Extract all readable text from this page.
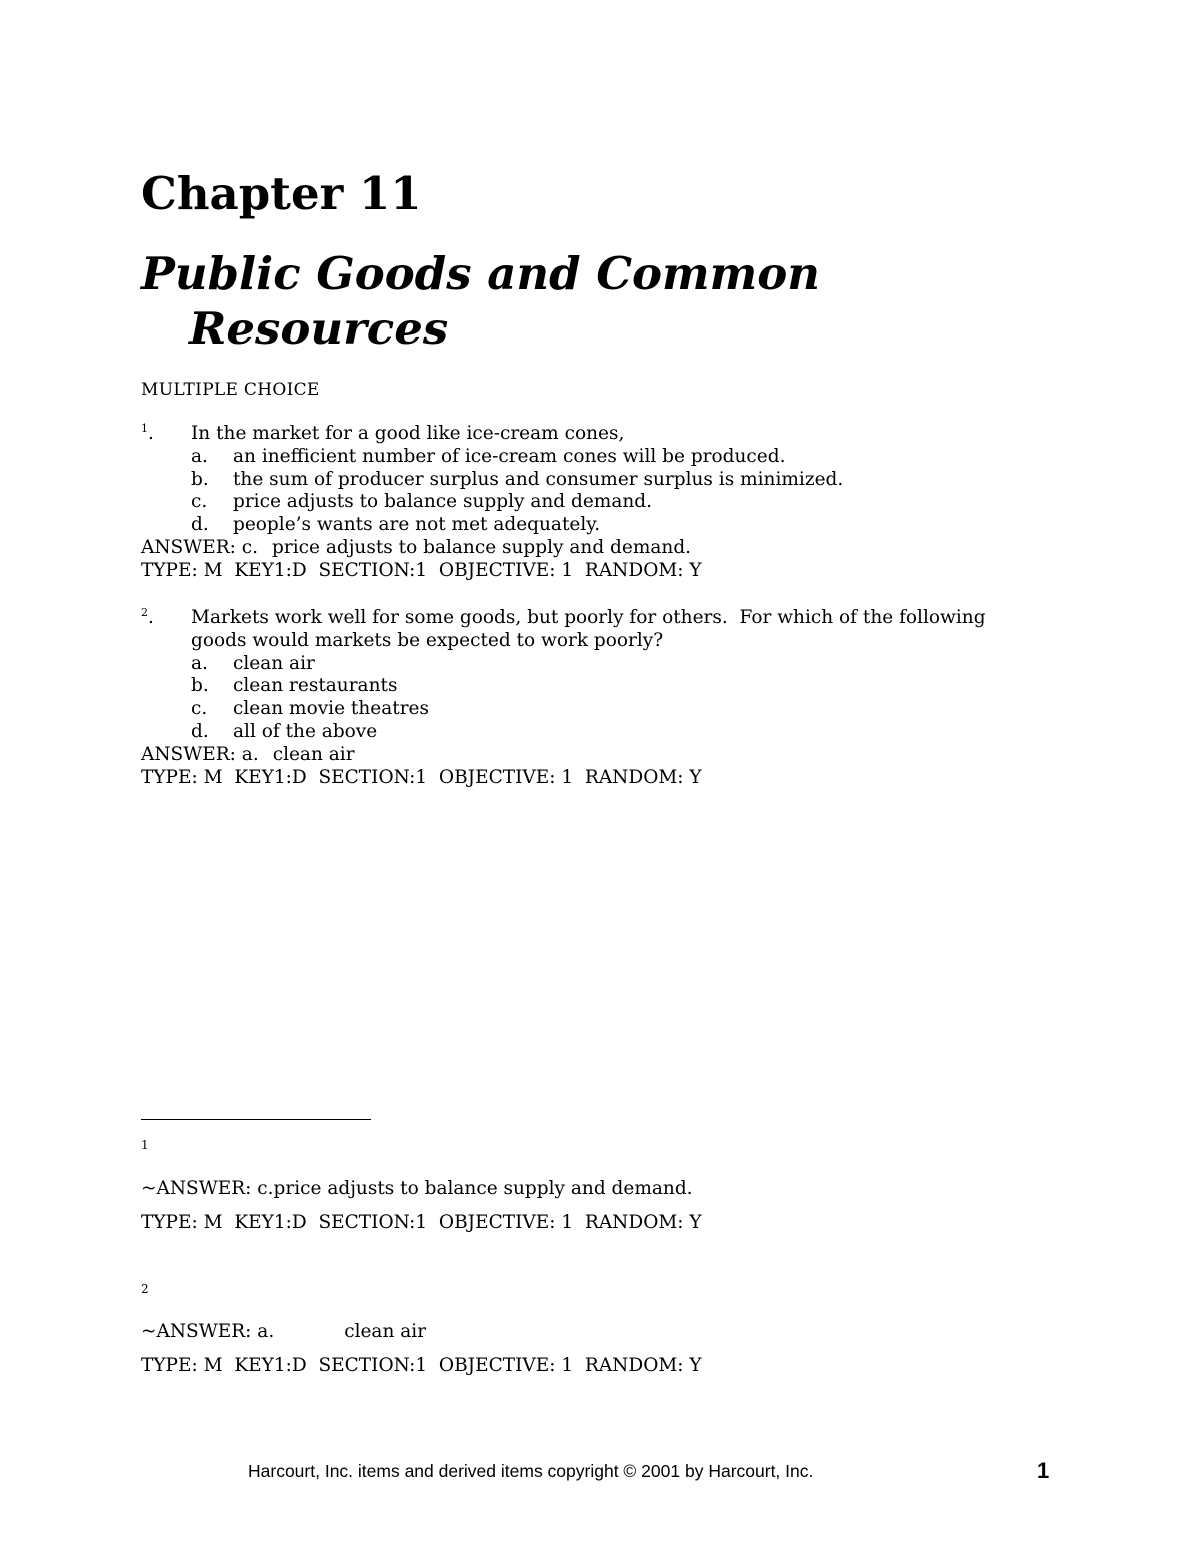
Chapter 11
Public Goods and Common
Resources
MULTIPLE CHOICE
$^1$.	In the market for a good like ice-cream cones,
a.	an inefficient number of ice-cream cones will be produced.
b.	the sum of producer surplus and consumer surplus is minimized.
c.	price adjusts to balance supply and demand.
d.	people’s wants are not met adequately.
ANSWER: c. price adjusts to balance supply and demand.
TYPE: M  KEY1:D  SECTION:1  OBJECTIVE: 1  RANDOM: Y
$^2$.	Markets work well for some goods, but poorly for others.  For which of the following
goods would markets be expected to work poorly?
a.	clean air
b.	clean restaurants
c.	clean movie theatres
d.	all of the above
ANSWER: a. clean air
TYPE: M  KEY1:D  SECTION:1  OBJECTIVE: 1  RANDOM: Y
1
~ANSWER: c.price adjusts to balance supply and demand.
TYPE: M  KEY1:D  SECTION:1  OBJECTIVE: 1  RANDOM: Y
2
~ANSWER: a.	clean air
TYPE: M  KEY1:D  SECTION:1  OBJECTIVE: 1  RANDOM: Y
Harcourt, Inc. items and derived items copyright © 2001 by Harcourt, Inc.	1
